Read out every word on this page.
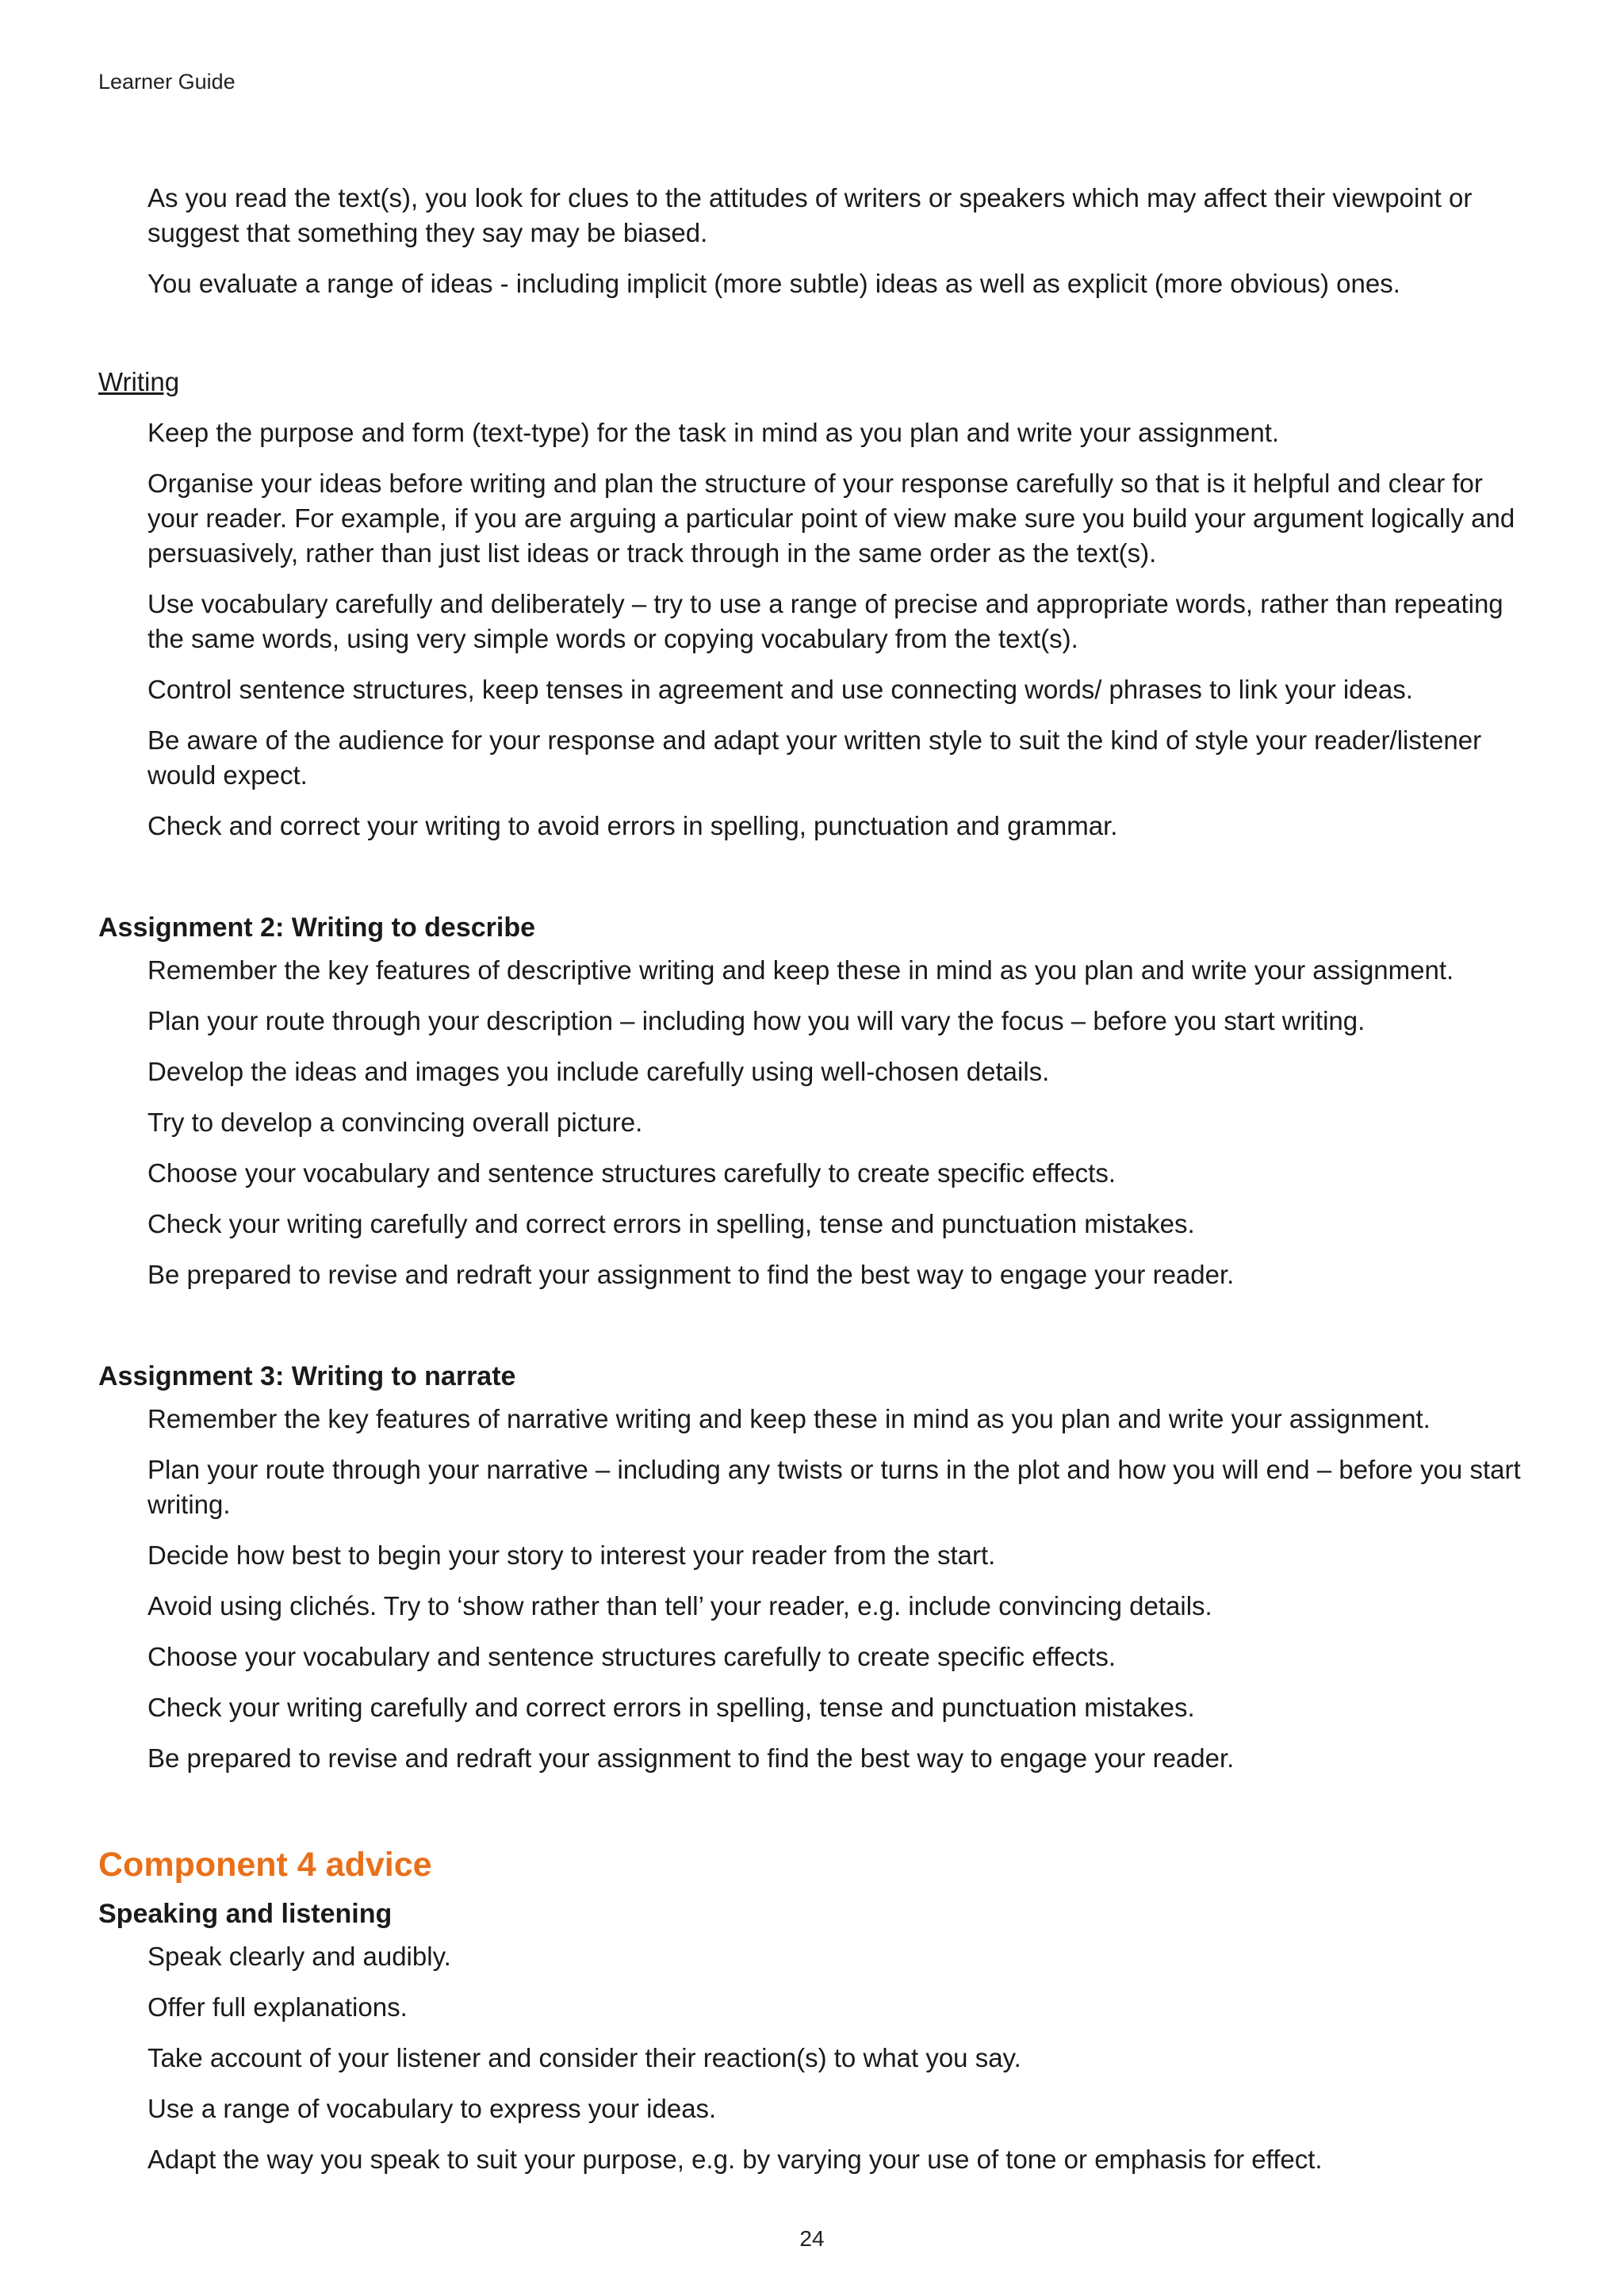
Learner Guide

As you read the text(s), you look for clues to the attitudes of writers or speakers which may affect their viewpoint or suggest that something they say may be biased.

You evaluate a range of ideas - including implicit (more subtle) ideas as well as explicit (more obvious) ones.

Writing

Keep the purpose and form (text-type) for the task in mind as you plan and write your assignment.

Organise your ideas before writing and plan the structure of your response carefully so that is it helpful and clear for your reader. For example, if you are arguing a particular point of view make sure you build your argument logically and persuasively, rather than just list ideas or track through in the same order as the text(s).

Use vocabulary carefully and deliberately – try to use a range of precise and appropriate words, rather than repeating the same words, using very simple words or copying vocabulary from the text(s).

Control sentence structures, keep tenses in agreement and use connecting words/ phrases to link your ideas.

Be aware of the audience for your response and adapt your written style to suit the kind of style your reader/listener would expect.

Check and correct your writing to avoid errors in spelling, punctuation and grammar.

Assignment 2: Writing to describe

Remember the key features of descriptive writing and keep these in mind as you plan and write your assignment.

Plan your route through your description – including how you will vary the focus – before you start writing.

Develop the ideas and images you include carefully using well-chosen details.

Try to develop a convincing overall picture.

Choose your vocabulary and sentence structures carefully to create specific effects.

Check your writing carefully and correct errors in spelling, tense and punctuation mistakes.

Be prepared to revise and redraft your assignment to find the best way to engage your reader.

Assignment 3: Writing to narrate

Remember the key features of narrative writing and keep these in mind as you plan and write your assignment.

Plan your route through your narrative – including any twists or turns in the plot and how you will end – before you start writing.

Decide how best to begin your story to interest your reader from the start.

Avoid using clichés. Try to ‘show rather than tell’ your reader, e.g. include convincing details.

Choose your vocabulary and sentence structures carefully to create specific effects.

Check your writing carefully and correct errors in spelling, tense and punctuation mistakes.

Be prepared to revise and redraft your assignment to find the best way to engage your reader.

Component 4 advice
Speaking and listening

Speak clearly and audibly.

Offer full explanations.

Take account of your listener and consider their reaction(s) to what you say.

Use a range of vocabulary to express your ideas.

Adapt the way you speak to suit your purpose, e.g. by varying your use of tone or emphasis for effect.

24
